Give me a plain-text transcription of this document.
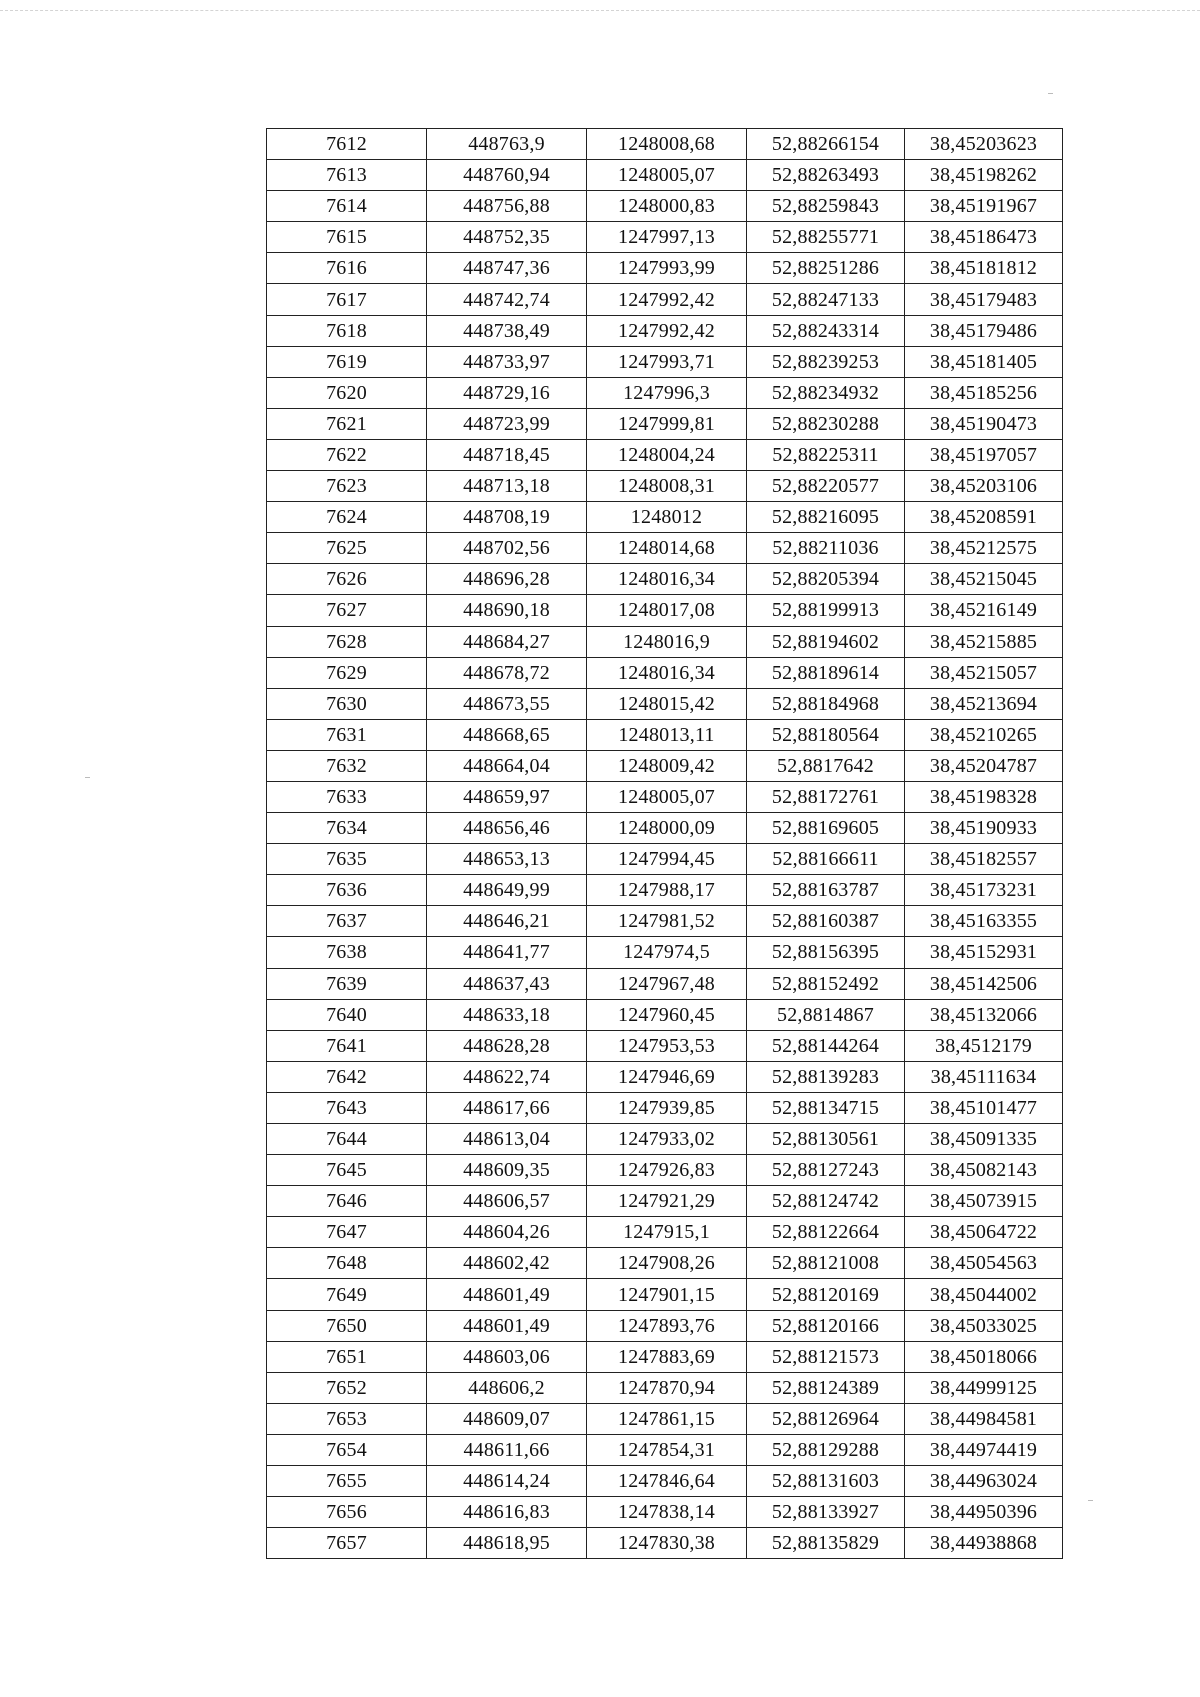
7612	448763,9	1248008,68	52,88266154	38,45203623
7613	448760,94	1248005,07	52,88263493	38,45198262
7614	448756,88	1248000,83	52,88259843	38,45191967
7615	448752,35	1247997,13	52,88255771	38,45186473
7616	448747,36	1247993,99	52,88251286	38,45181812
7617	448742,74	1247992,42	52,88247133	38,45179483
7618	448738,49	1247992,42	52,88243314	38,45179486
7619	448733,97	1247993,71	52,88239253	38,45181405
7620	448729,16	1247996,3	52,88234932	38,45185256
7621	448723,99	1247999,81	52,88230288	38,45190473
7622	448718,45	1248004,24	52,88225311	38,45197057
7623	448713,18	1248008,31	52,88220577	38,45203106
7624	448708,19	1248012	52,88216095	38,45208591
7625	448702,56	1248014,68	52,88211036	38,45212575
7626	448696,28	1248016,34	52,88205394	38,45215045
7627	448690,18	1248017,08	52,88199913	38,45216149
7628	448684,27	1248016,9	52,88194602	38,45215885
7629	448678,72	1248016,34	52,88189614	38,45215057
7630	448673,55	1248015,42	52,88184968	38,45213694
7631	448668,65	1248013,11	52,88180564	38,45210265
7632	448664,04	1248009,42	52,8817642	38,45204787
7633	448659,97	1248005,07	52,88172761	38,45198328
7634	448656,46	1248000,09	52,88169605	38,45190933
7635	448653,13	1247994,45	52,88166611	38,45182557
7636	448649,99	1247988,17	52,88163787	38,45173231
7637	448646,21	1247981,52	52,88160387	38,45163355
7638	448641,77	1247974,5	52,88156395	38,45152931
7639	448637,43	1247967,48	52,88152492	38,45142506
7640	448633,18	1247960,45	52,8814867	38,45132066
7641	448628,28	1247953,53	52,88144264	38,4512179
7642	448622,74	1247946,69	52,88139283	38,45111634
7643	448617,66	1247939,85	52,88134715	38,45101477
7644	448613,04	1247933,02	52,88130561	38,45091335
7645	448609,35	1247926,83	52,88127243	38,45082143
7646	448606,57	1247921,29	52,88124742	38,45073915
7647	448604,26	1247915,1	52,88122664	38,45064722
7648	448602,42	1247908,26	52,88121008	38,45054563
7649	448601,49	1247901,15	52,88120169	38,45044002
7650	448601,49	1247893,76	52,88120166	38,45033025
7651	448603,06	1247883,69	52,88121573	38,45018066
7652	448606,2	1247870,94	52,88124389	38,44999125
7653	448609,07	1247861,15	52,88126964	38,44984581
7654	448611,66	1247854,31	52,88129288	38,44974419
7655	448614,24	1247846,64	52,88131603	38,44963024
7656	448616,83	1247838,14	52,88133927	38,44950396
7657	448618,95	1247830,38	52,88135829	38,44938868
